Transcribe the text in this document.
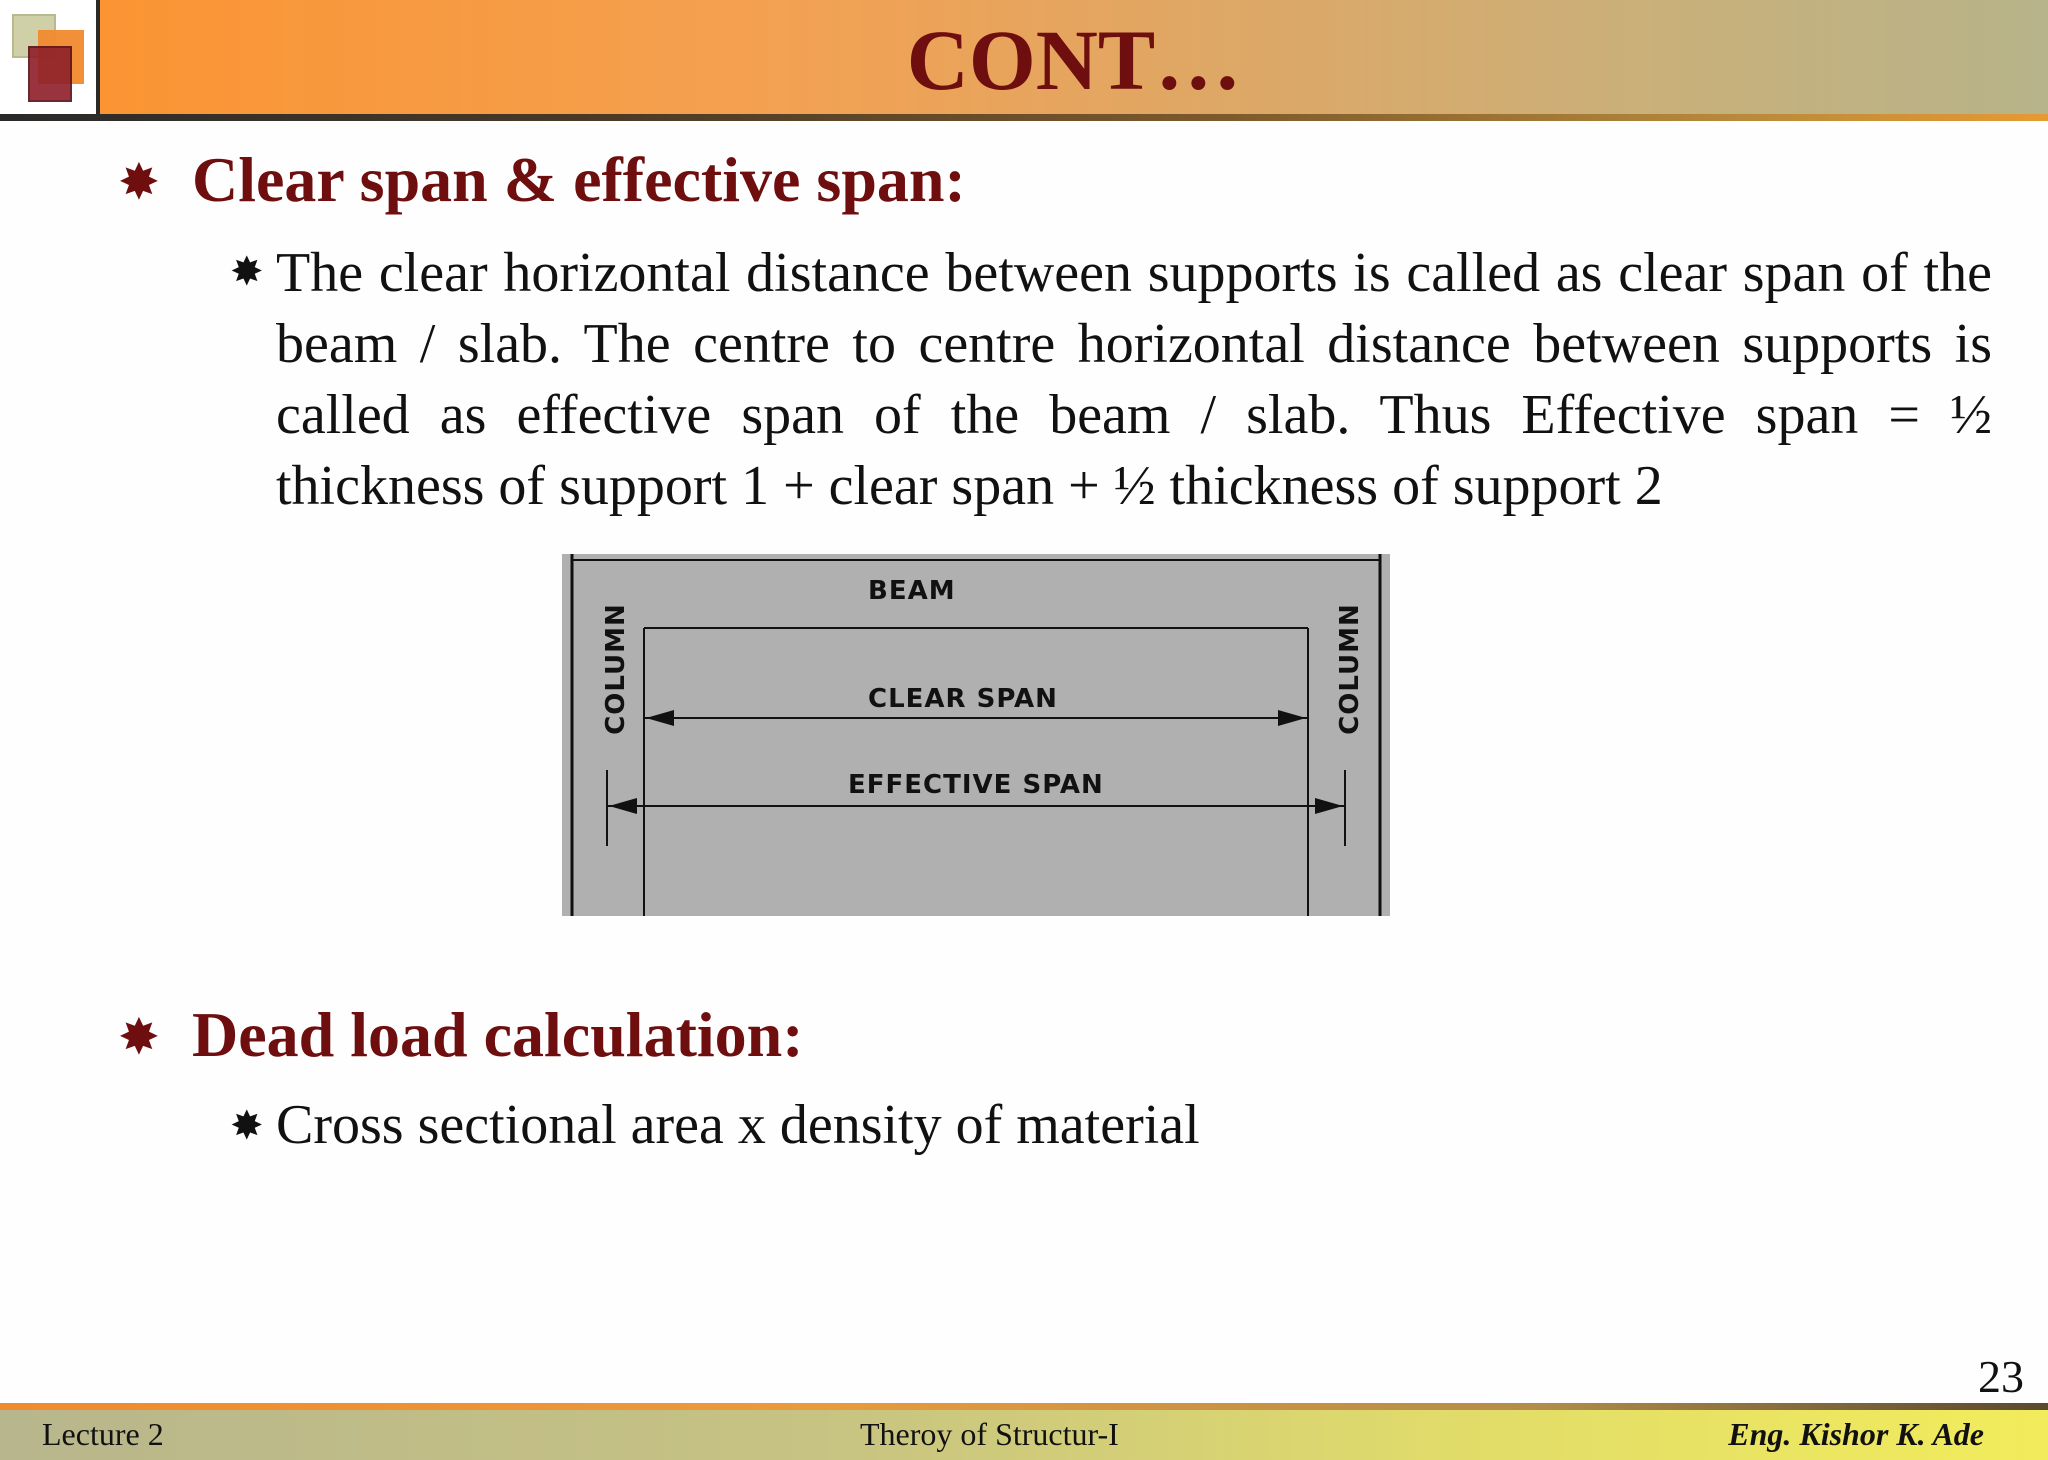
CONT…
✸ Clear span & effective span:
✸ The clear horizontal distance between supports is called as clear span of the beam / slab. The centre to centre horizontal distance between supports is called as effective span of the beam / slab. Thus Effective span = ½ thickness of support 1 + clear span + ½ thickness of support 2
BEAM
CLEAR SPAN
EFFECTIVE SPAN
COLUMN	COLUMN
✸ Dead load calculation:
✸ Cross sectional area x density of material
23
Lecture 2	Theroy of Structur-I	Eng. Kishor K. Ade
